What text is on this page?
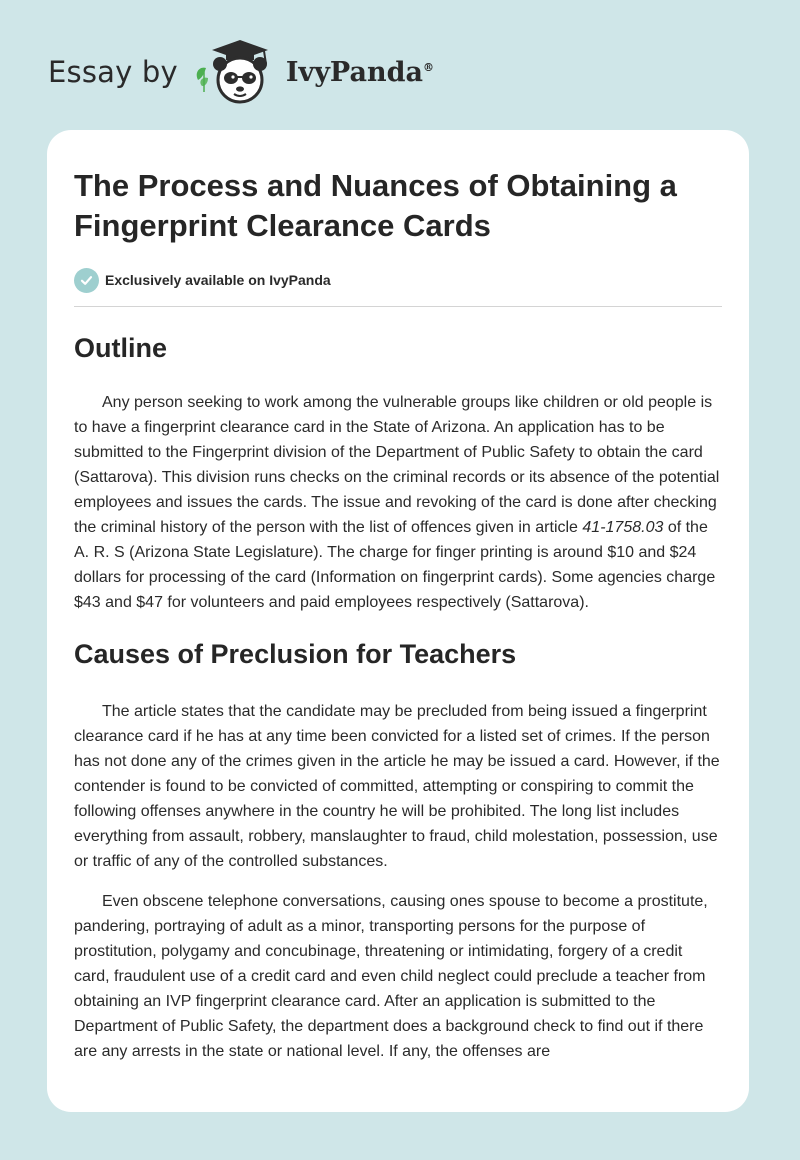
Essay by	IvyPanda®
The Process and Nuances of Obtaining a Fingerprint Clearance Cards
Exclusively available on IvyPanda
Outline

Any person seeking to work among the vulnerable groups like children or old people is to have a fingerprint clearance card in the State of Arizona. An application has to be submitted to the Fingerprint division of the Department of Public Safety to obtain the card (Sattarova). This division runs checks on the criminal records or its absence of the potential employees and issues the cards. The issue and revoking of the card is done after checking the criminal history of the person with the list of offences given in article 41-1758.03 of the A. R. S (Arizona State Legislature). The charge for finger printing is around $10 and $24 dollars for processing of the card (Information on fingerprint cards). Some agencies charge $43 and $47 for volunteers and paid employees respectively (Sattarova).

Causes of Preclusion for Teachers

The article states that the candidate may be precluded from being issued a fingerprint clearance card if he has at any time been convicted for a listed set of crimes. If the person has not done any of the crimes given in the article he may be issued a card. However, if the contender is found to be convicted of committed, attempting or conspiring to commit the following offenses anywhere in the country he will be prohibited. The long list includes everything from assault, robbery, manslaughter to fraud, child molestation, possession, use or traffic of any of the controlled substances.

Even obscene telephone conversations, causing ones spouse to become a prostitute, pandering, portraying of adult as a minor, transporting persons for the purpose of prostitution, polygamy and concubinage, threatening or intimidating, forgery of a credit card, fraudulent use of a credit card and even child neglect could preclude a teacher from obtaining an IVP fingerprint clearance card. After an application is submitted to the Department of Public Safety, the department does a background check to find out if there are any arrests in the state or national level. If any, the offenses are
